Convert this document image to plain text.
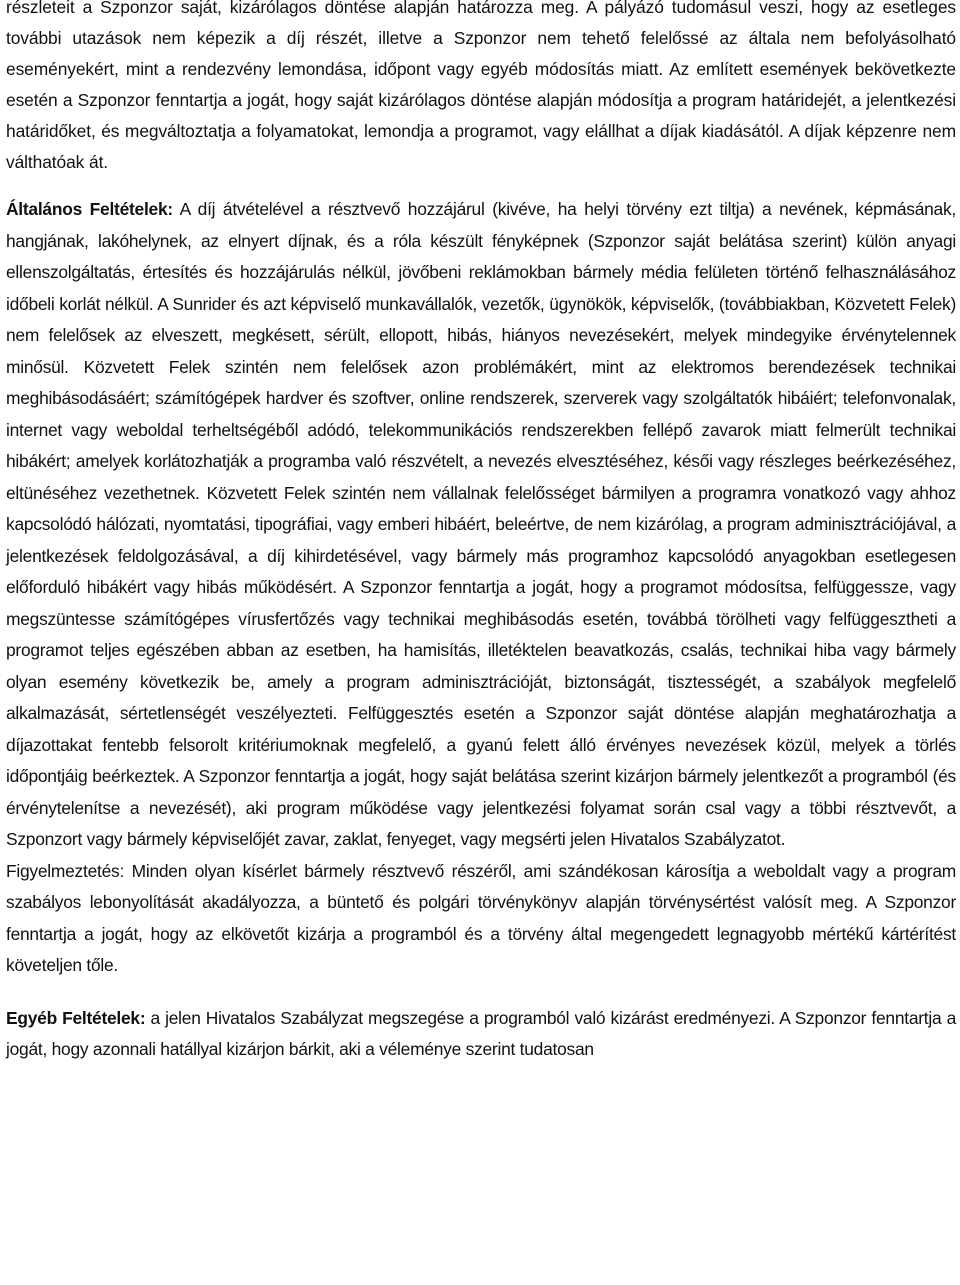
részleteit a Szponzor saját, kizárólagos döntése alapján határozza meg. A pályázó tudomásul veszi, hogy az esetleges további utazások nem képezik a díj részét, illetve a Szponzor nem tehető felelőssé az általa nem befolyásolható eseményekért, mint a rendezvény lemondása, időpont vagy egyéb módosítás miatt. Az említett események bekövetkezte esetén a Szponzor fenntartja a jogát, hogy saját kizárólagos döntése alapján módosítja a program határidejét, a jelentkezési határidőket, és megváltoztatja a folyamatokat, lemondja a programot, vagy elállhat a díjak kiadásától. A díjak képzenre nem válthatóak át.

Általános Feltételek: A díj átvételével a résztvevő hozzájárul (kivéve, ha helyi törvény ezt tiltja) a nevének, képmásának, hangjának, lakóhelynek, az elnyert díjnak, és a róla készült fényképnek (Szponzor saját belátása szerint) külön anyagi ellenszolgáltatás, értesítés és hozzájárulás nélkül, jövőbeni reklámokban bármely média felületen történő felhasználásához időbeli korlát nélkül. A Sunrider és azt képviselő munkavállalók, vezetők, ügynökök, képviselők, (továbbiakban, Közvetett Felek) nem felelősek az elveszett, megkésett, sérült, ellopott, hibás, hiányos nevezésekért, melyek mindegyike érvénytelennek minősül. Közvetett Felek szintén nem felelősek azon problémákért, mint az elektromos berendezések technikai meghibásodásáért; számítógépek hardver és szoftver, online rendszerek, szerverek vagy szolgáltatók hibáiért; telefonvonalak, internet vagy weboldal terheltségéből adódó, telekommunikációs rendszerekben fellépő zavarok miatt felmerült technikai hibákért; amelyek korlátozhatják a programba való részvételt, a nevezés elvesztéséhez, késői vagy részleges beérkezéséhez, eltünéséhez vezethetnek. Közvetett Felek szintén nem vállalnak felelősséget bármilyen a programra vonatkozó vagy ahhoz kapcsolódó hálózati, nyomtatási, tipográfiai, vagy emberi hibáért, beleértve, de nem kizárólag, a program adminisztrációjával, a jelentkezések feldolgozásával, a díj kihirdetésével, vagy bármely más programhoz kapcsolódó anyagokban esetlegesen előforduló hibákért vagy hibás működésért. A Szponzor fenntartja a jogát, hogy a programot módosítsa, felfüggessze, vagy megszüntesse számítógépes vírusfertőzés vagy technikai meghibásodás esetén, továbbá törölheti vagy felfüggesztheti a programot teljes egészében abban az esetben, ha hamisítás, illetéktelen beavatkozás, csalás, technikai hiba vagy bármely olyan esemény következik be, amely a program adminisztrációját, biztonságát, tisztességét, a szabályok megfelelő alkalmazását, sértetlenségét veszélyezteti. Felfüggesztés esetén a Szponzor saját döntése alapján meghatározhatja a díjazottakat fentebb felsorolt kritériumoknak megfelelő, a gyanú felett álló érvényes nevezések közül, melyek a törlés időpontjáig beérkeztek. A Szponzor fenntartja a jogát, hogy saját belátása szerint kizárjon bármely jelentkezőt a programból (és érvénytelenítse a nevezését), aki program működése vagy jelentkezési folyamat során csal vagy a többi résztvevőt, a Szponzort vagy bármely képviselőjét zavar, zaklat, fenyeget, vagy megsérti jelen Hivatalos Szabályzatot.

Figyelmeztetés: Minden olyan kísérlet bármely résztvevő részéről, ami szándékosan károsítja a weboldalt vagy a program szabályos lebonyolítását akadályozza, a büntető és polgári törvénykönyv alapján törvénysértést valósít meg. A Szponzor fenntartja a jogát, hogy az elkövetőt kizárja a programból és a törvény által megengedett legnagyobb mértékű kártérítést követeljen tőle.

Egyéb Feltételek: a jelen Hivatalos Szabályzat megszegése a programból való kizárást eredményezi. A Szponzor fenntartja a jogát, hogy azonnali hatállyal kizárjon bárkit, aki a véleménye szerint tudatosan
